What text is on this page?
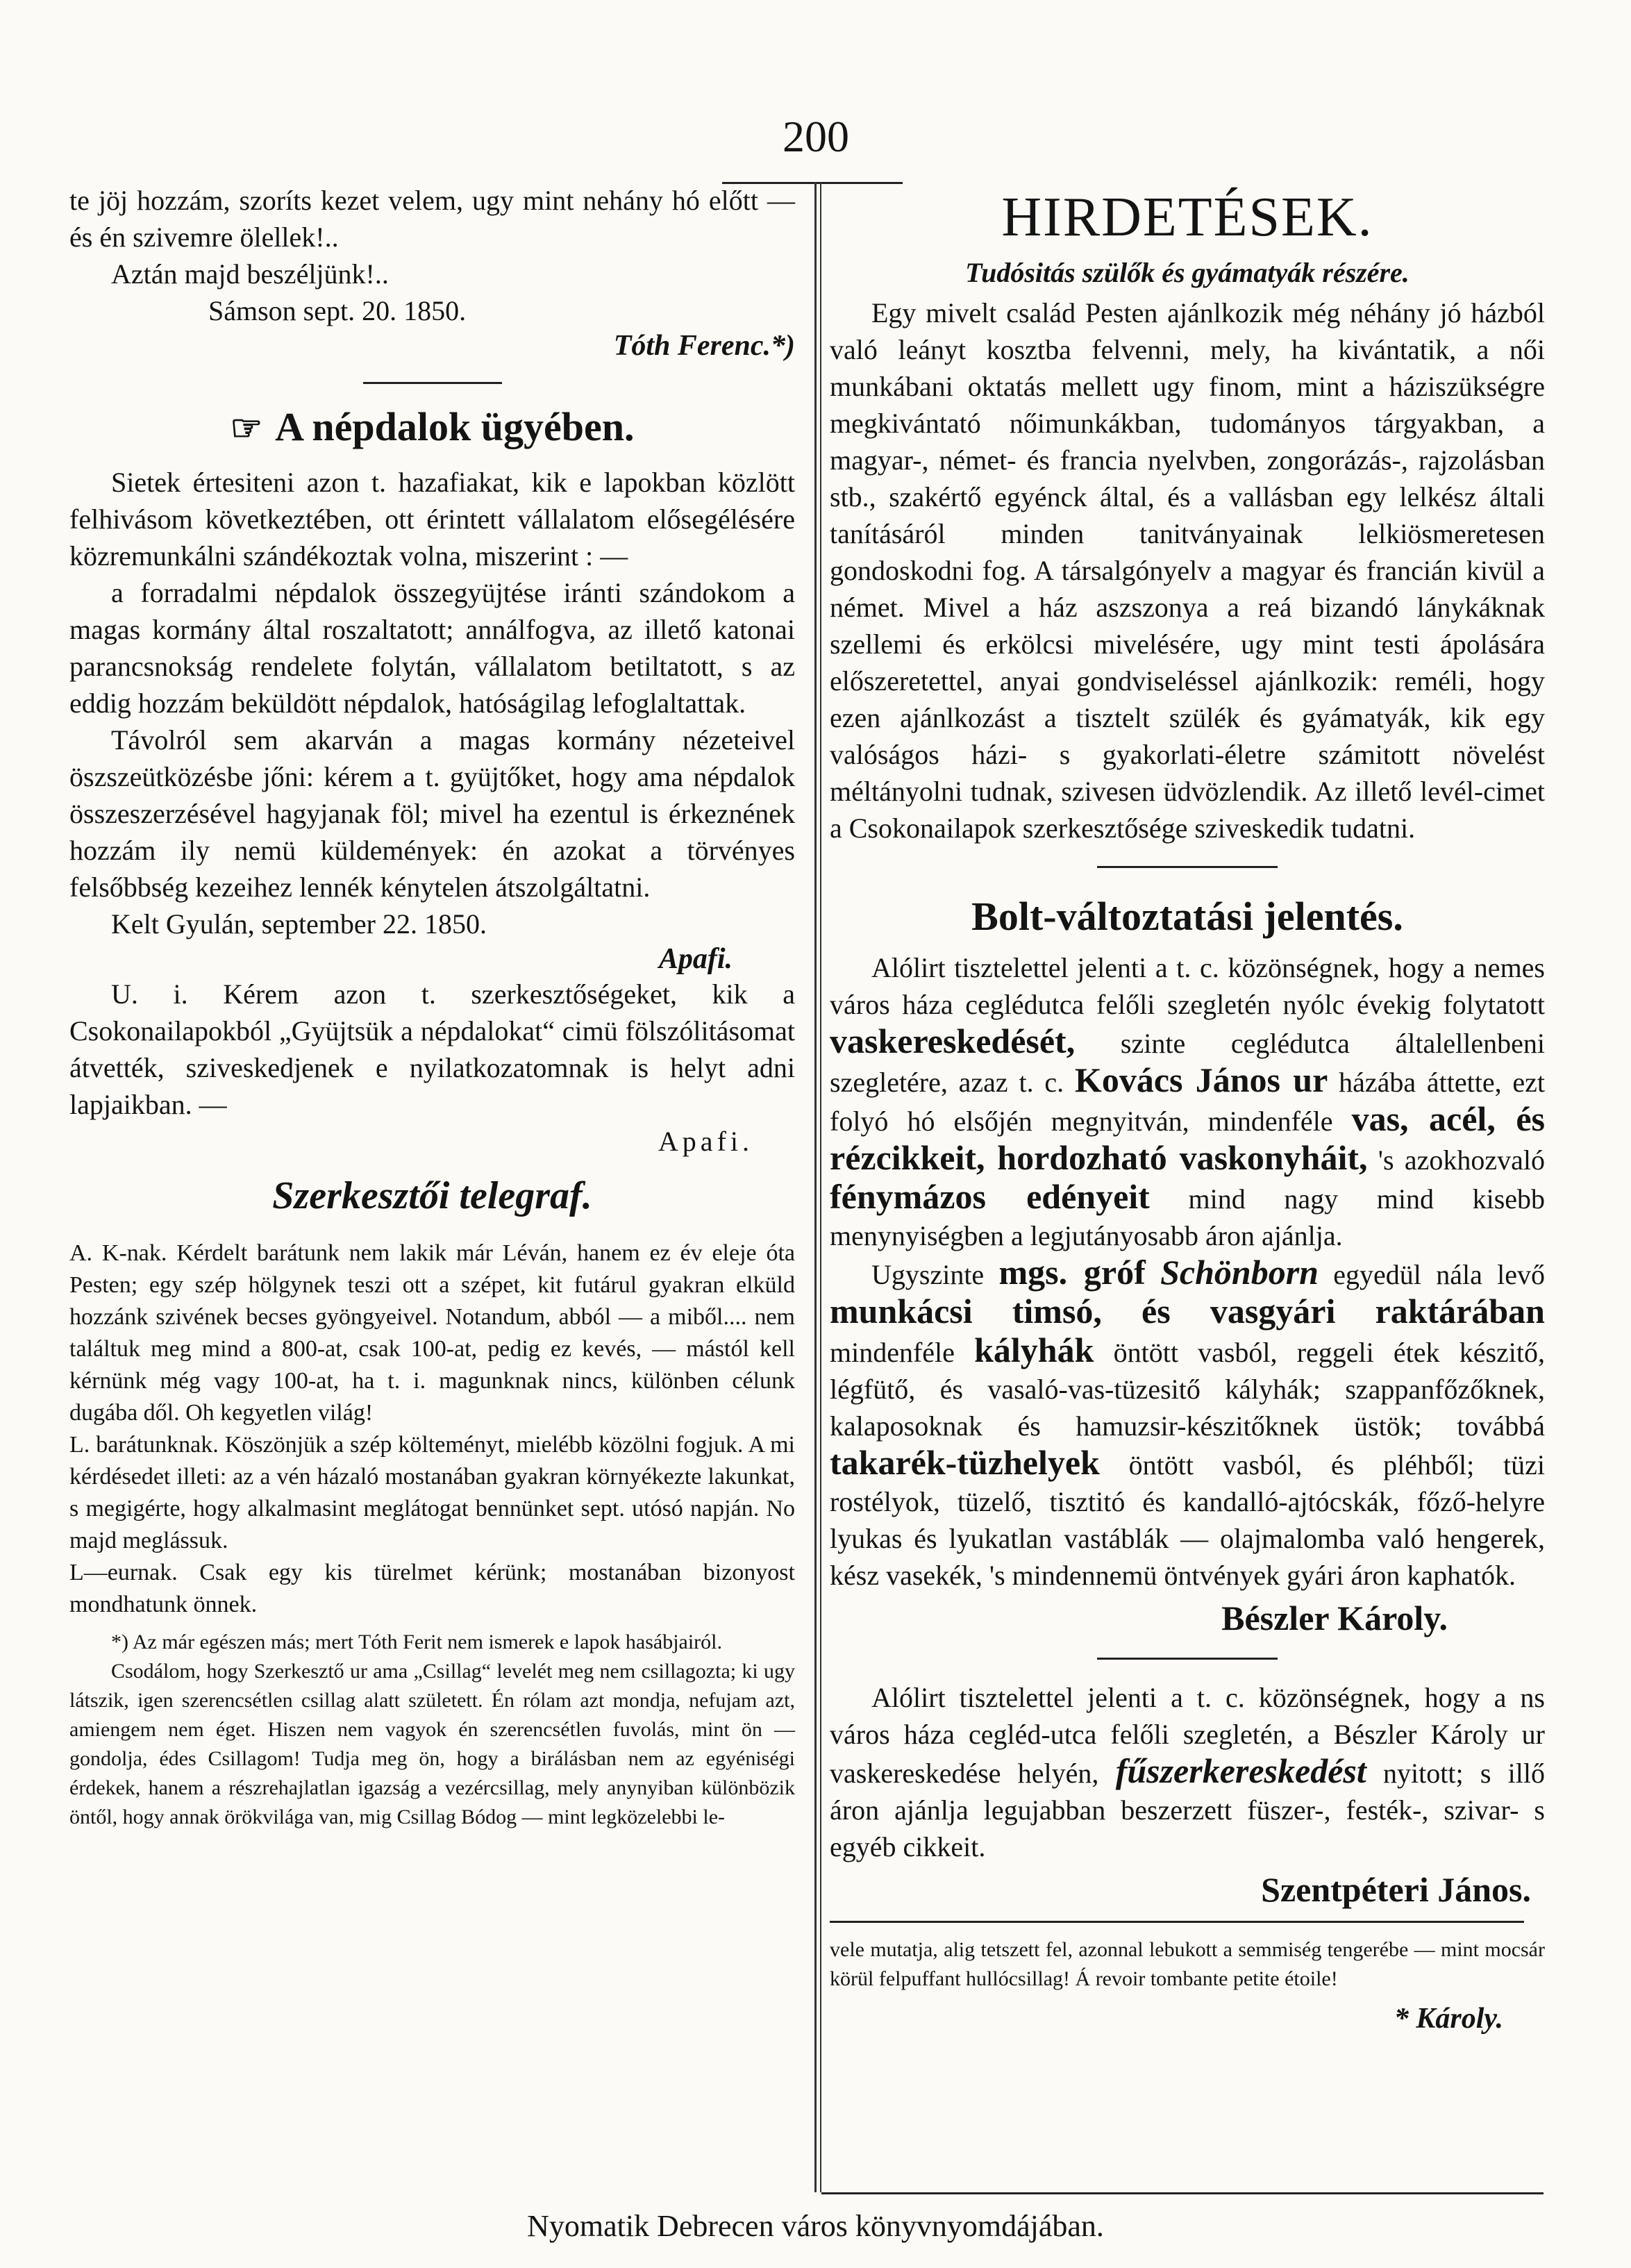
200

te jöj hozzám, szoríts kezet velem, ugy mint nehány hó előtt — és én szivemre ölellek!..

Aztán majd beszéljünk!..

Sámson sept. 20. 1850.

Tóth Ferenc.*)

☞ A népdalok ügyében.

Sietek értesiteni azon t. hazafiakat, kik e lapokban közlött felhivásom következtében, ott érintett vállalatom elősegélésére közremunkálni szándékoztak volna, miszerint : —

a forradalmi népdalok összegyüjtése iránti szándokom a magas kormány által roszaltatott; annálfogva, az illető katonai parancsnokság rendelete folytán, vállalatom betiltatott, s az eddig hozzám beküldött népdalok, hatóságilag lefoglaltattak.

Távolról sem akarván a magas kormány nézeteivel öszszeütközésbe jőni: kérem a t. gyüjtőket, hogy ama népdalok összeszerzésével hagyjanak föl; mivel ha ezentul is érkeznének hozzám ily nemü küldemények: én azokat a törvényes felsőbbség kezeihez lennék kénytelen átszolgáltatni.

Kelt Gyulán, september 22. 1850.

Apafi.

U. i. Kérem azon t. szerkesztőségeket, kik a Csokonailapokból „Gyüjtsük a népdalokat“ cimü fölszólitásomat átvették, sziveskedjenek e nyilatkozatomnak is helyt adni lapjaikban. —

Apafi.

Szerkesztői telegraf.

A. K-nak. Kérdelt barátunk nem lakik már Léván, hanem ez év eleje óta Pesten; egy szép hölgynek teszi ott a szépet, kit futárul gyakran elküld hozzánk szivének becses gyöngyeivel. Notandum, abból — a miből.... nem találtuk meg mind a 800-at, csak 100-at, pedig ez kevés, — mástól kell kérnünk még vagy 100-at, ha t. i. magunknak nincs, különben célunk dugába dől. Oh kegyetlen világ!

L. barátunknak. Köszönjük a szép költeményt, mielébb közölni fogjuk. A mi kérdésedet illeti: az a vén házaló mostanában gyakran környékezte lakunkat, s megigérte, hogy alkalmasint meglátogat bennünket sept. utósó napján. No majd meglássuk.

L—eurnak. Csak egy kis türelmet kérünk; mostanában bizonyost mondhatunk önnek.

*) Az már egészen más; mert Tóth Ferit nem ismerek e lapok hasábjairól.

Csodálom, hogy Szerkesztő ur ama „Csillag“ levelét meg nem csillagozta; ki ugy látszik, igen szerencsétlen csillag alatt született. Én rólam azt mondja, nefujam azt, amiengem nem éget. Hiszen nem vagyok én szerencsétlen fuvolás, mint ön — gondolja, édes Csillagom! Tudja meg ön, hogy a birálásban nem az egyéniségi érdekek, hanem a részrehajlatlan igazság a vezércsillag, mely anynyiban különbözik öntől, hogy annak örökvilága van, mig Csillag Bódog — mint legközelebbi le-

HIRDETÉSEK.
Tudósitás szülők és gyámatyák részére.

Egy mivelt család Pesten ajánlkozik még néhány jó házból való leányt kosztba felvenni, mely, ha kivántatik, a női munkábani oktatás mellett ugy finom, mint a háziszükségre megkivántató nőimunkákban, tudományos tárgyakban, a magyar-, német- és francia nyelvben, zongorázás-, rajzolásban stb., szakértő egyénck által, és a vallásban egy lelkész általi tanításáról minden tanitványainak lelkiösmeretesen gondoskodni fog. A társalgónyelv a magyar és francián kivül a német. Mivel a ház aszszonya a reá bizandó lánykáknak szellemi és erkölcsi mivelésére, ugy mint testi ápolására előszeretettel, anyai gondviseléssel ajánlkozik: reméli, hogy ezen ajánlkozást a tisztelt szülék és gyámatyák, kik egy valóságos házi- s gyakorlati-életre számitott növelést méltányolni tudnak, szivesen üdvözlendik. Az illető levél-cimet a Csokonailapok szerkesztősége sziveskedik tudatni.

Bolt-változtatási jelentés.

Alólirt tisztelettel jelenti a t. c. közönségnek, hogy a nemes város háza ceglédutca felőli szegletén nyólc évekig folytatott vaskereskedését, szinte ceglédutca általellenbeni szegletére, azaz t. c. Kovács János ur házába áttette, ezt folyó hó elsőjén megnyitván, mindenféle vas, acél, és rézcikkeit, hordozható vaskonyháit, 's azokhozvaló fénymázos edényeit mind nagy mind kisebb menynyiségben a legjutányosabb áron ajánlja.

Ugyszinte mgs. gróf Schönborn egyedül nála levő munkácsi timsó, és vasgyári raktárában mindenféle kályhák öntött vasból, reggeli étek készitő, légfütő, és vasaló-vas-tüzesitő kályhák; szappanfőzőknek, kalaposoknak és hamuzsir-készitőknek üstök; továbbá takarék-tüzhelyek öntött vasból, és pléhből; tüzi rostélyok, tüzelő, tisztitó és kandalló-ajtócskák, főző-helyre lyukas és lyukatlan vastáblák — olajmalomba való hengerek, kész vasekék, 's mindennemü öntvények gyári áron kaphatók.

Bészler Károly.

Alólirt tisztelettel jelenti a t. c. közönségnek, hogy a ns város háza cegléd-utca felőli szegletén, a Bészler Károly ur vaskereskedése helyén, fűszerkereskedést nyitott; s illő áron ajánlja legujabban beszerzett füszer-, festék-, szivar- s egyéb cikkeit.

Szentpéteri János.

vele mutatja, alig tetszett fel, azonnal lebukott a semmiség tengerébe — mint mocsár körül felpuffant hullócsillag! Á revoir tombante petite étoile!

* Károly.

Nyomatik Debrecen város könyvnyomdájában.
